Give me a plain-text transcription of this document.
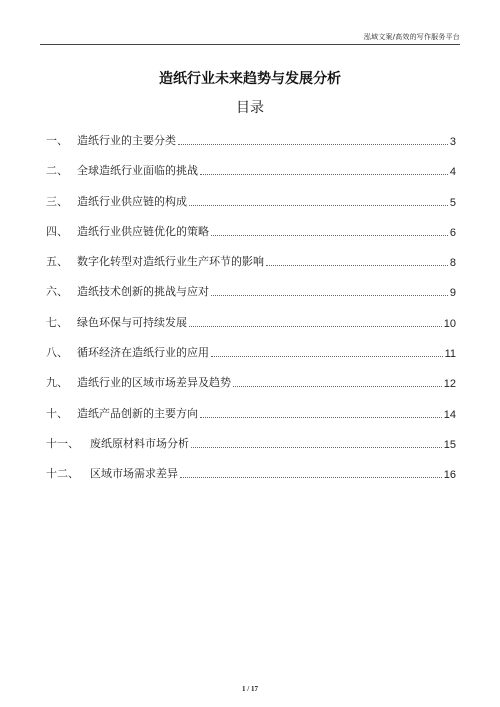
泓域文案/高效的写作服务平台
造纸行业未来趋势与发展分析
目录
一、 造纸行业的主要分类	3
二、 全球造纸行业面临的挑战	4
三、 造纸行业供应链的构成	5
四、 造纸行业供应链优化的策略	6
五、 数字化转型对造纸行业生产环节的影响	8
六、 造纸技术创新的挑战与应对	9
七、 绿色环保与可持续发展	10
八、 循环经济在造纸行业的应用	11
九、 造纸行业的区域市场差异及趋势	12
十、 造纸产品创新的主要方向	14
十一、	废纸原材料市场分析	15
十二、	区域市场需求差异	16
1 / 17
